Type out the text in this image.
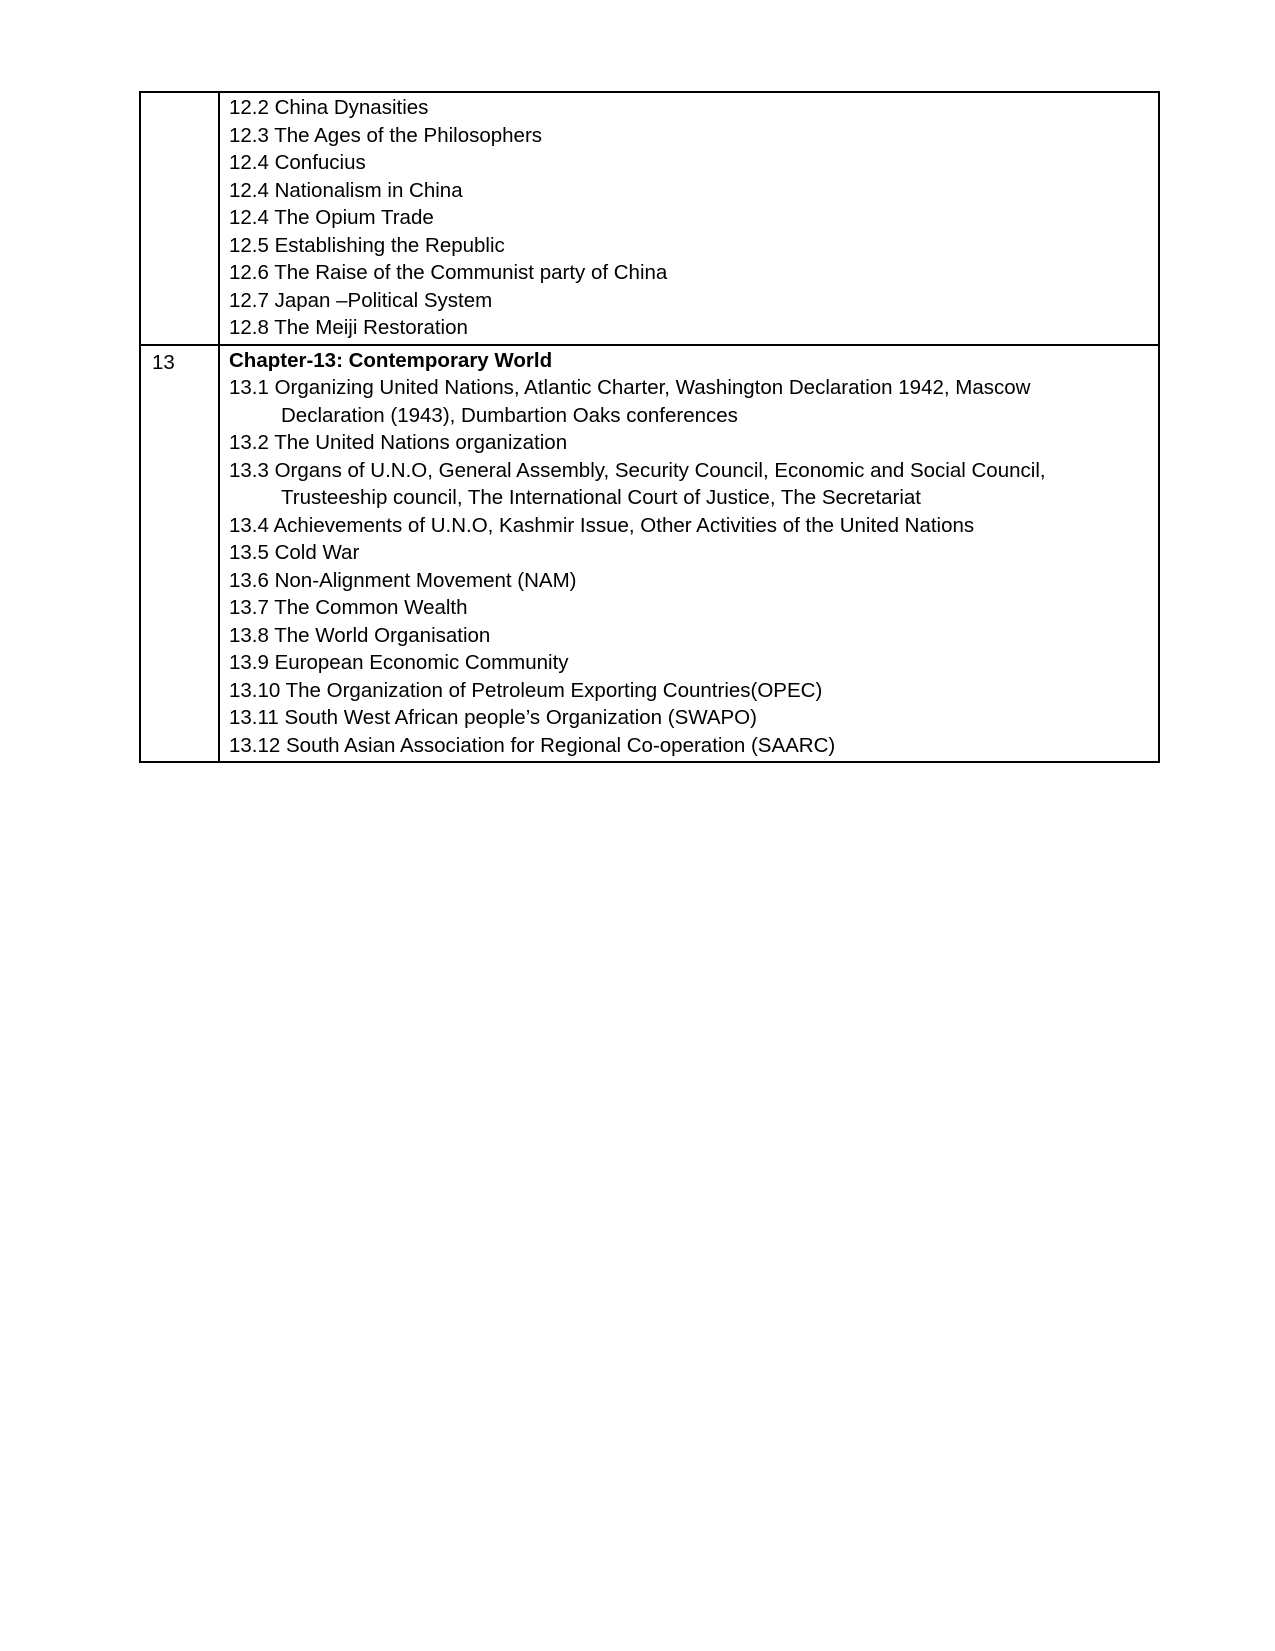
12.2 China Dynasities
12.3 The Ages of the Philosophers
12.4 Confucius
12.4 Nationalism in China
12.4 The Opium Trade
12.5 Establishing the Republic
12.6 The Raise of the Communist party of China
12.7 Japan –Political System
12.8 The Meiji Restoration
13	Chapter-13: Contemporary World
13.1 Organizing United Nations, Atlantic Charter, Washington Declaration 1942, Mascow
Declaration (1943), Dumbartion Oaks conferences
13.2 The United Nations organization
13.3 Organs of U.N.O, General Assembly, Security Council, Economic and Social Council,
Trusteeship council, The International Court of Justice, The Secretariat
13.4 Achievements of U.N.O, Kashmir Issue, Other Activities of the United Nations
13.5 Cold War
13.6 Non-Alignment Movement (NAM)
13.7 The Common Wealth
13.8 The World Organisation
13.9 European Economic Community
13.10 The Organization of Petroleum Exporting Countries(OPEC)
13.11 South West African people’s Organization (SWAPO)
13.12 South Asian Association for Regional Co-operation (SAARC)
